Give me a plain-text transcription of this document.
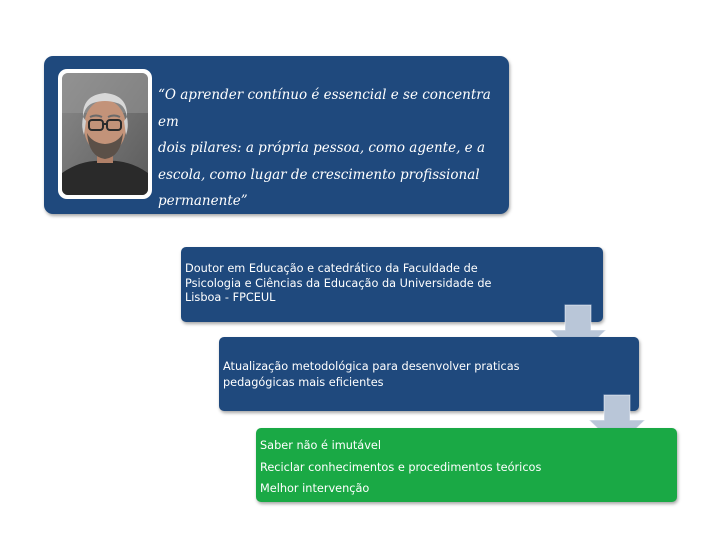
“O aprender contínuo é essencial e se concentra em
dois pilares: a própria pessoa, como agente, e a
escola, como lugar de crescimento profissional
permanente”
Doutor em Educação e catedrático da Faculdade de
Psicologia e Ciências da Educação da Universidade de
Lisboa - FPCEUL
Atualização metodológica para desenvolver praticas
pedagógicas mais eficientes
Saber não é imutável
Reciclar conhecimentos e procedimentos teóricos
Melhor intervenção
